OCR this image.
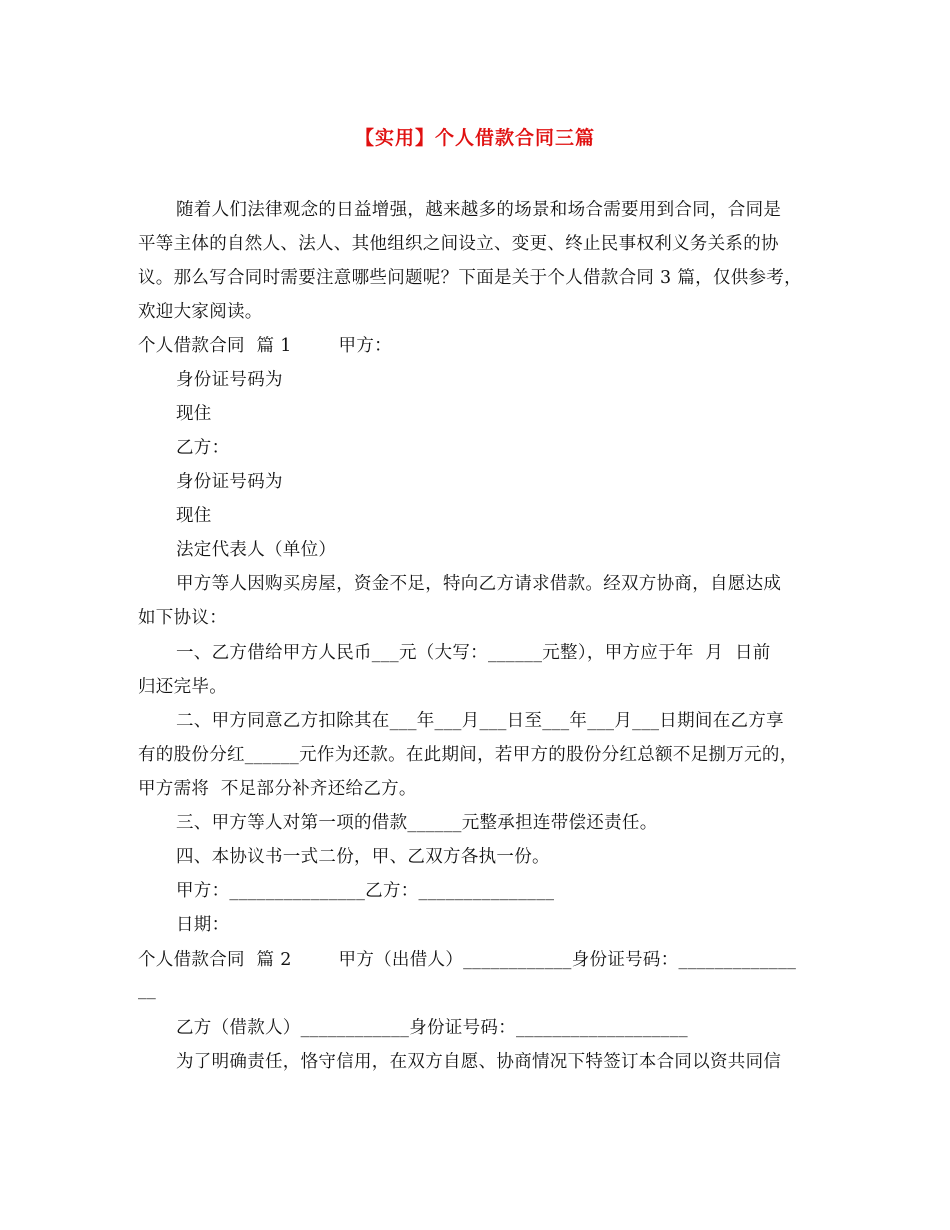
【实用】个人借款合同三篇
随着人们法律观念的日益增强，越来越多的场景和场合需要用到合同，合同是
平等主体的自然人、法人、其他组织之间设立、变更、终止民事权利义务关系的协
议。那么写合同时需要注意哪些问题呢？下面是关于个人借款合同 3 篇，仅供参考，
欢迎大家阅读。
个人借款合同  篇 1        甲方：
身份证号码为
现住
乙方：
身份证号码为
现住
法定代表人（单位）
甲方等人因购买房屋，资金不足，特向乙方请求借款。经双方协商，自愿达成
如下协议：
一、乙方借给甲方人民币___元（大写：______元整），甲方应于年  月  日前
归还完毕。
二、甲方同意乙方扣除其在___年___月___日至___年___月___日期间在乙方享
有的股份分红______元作为还款。在此期间，若甲方的股份分红总额不足捌万元的，
甲方需将  不足部分补齐还给乙方。
三、甲方等人对第一项的借款______元整承担连带偿还责任。
四、本协议书一式二份，甲、乙双方各执一份。
甲方：_______________乙方：_______________
日期：
个人借款合同  篇 2        甲方（出借人）____________身份证号码：_____________
__
乙方（借款人）____________身份证号码：___________________
为了明确责任，恪守信用，在双方自愿、协商情况下特签订本合同以资共同信
